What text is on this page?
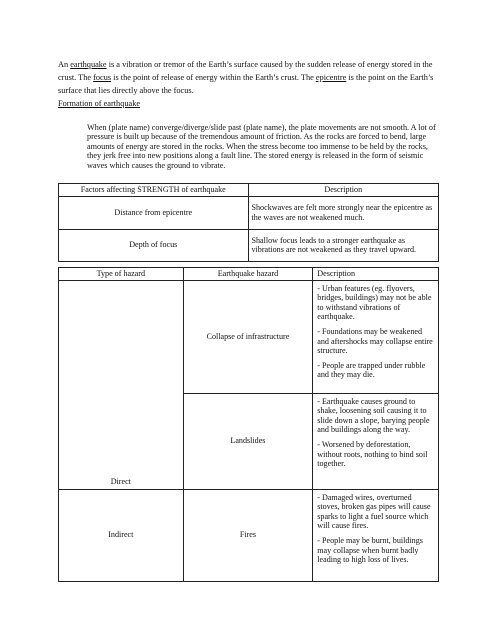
An earthquake is a vibration or tremor of the Earth’s surface caused by the sudden release of energy stored in the crust. The focus is the point of release of energy within the Earth’s crust. The epicentre is the point on the Earth’s surface that lies directly above the focus.

Formation of earthquake

When (plate name) converge/diverge/slide past (plate name), the plate movements are not smooth. A lot of pressure is built up because of the tremendous amount of friction. As the rocks are forced to bend, large amounts of energy are stored in the rocks. When the stress become too immense to be held by the rocks, they jerk free into new positions along a fault line. The stored energy is released in the form of seismic waves which causes the ground to vibrate.

Factors affecting STRENGTH of earthquake	Description
Distance from epicentre	Shockwaves are felt more strongly near the epicentre as the waves are not weakened much.
Depth of focus	Shallow focus leads to a stronger earthquake as vibrations are not weakened as they travel upward.
Type of hazard	Earthquake hazard	Description
Direct	Collapse of infrastructure	- Urban features (eg. flyovers, bridges, buildings) may not be able to withstand vibrations of earthquake.

- Foundations may be weakened and aftershocks may collapse entire structure.

- People are trapped under rubble and they may die.

	Landslides	- Earthquake causes ground to shake, loosening soil causing it to slide down a slope, barying people and buildings along the way.

- Worsened by deforestation, without roots, nothing to bind soil together.

Indirect	Fires	- Damaged wires, overturned stoves, broken gas pipes will cause sparks to light a fuel source which will cause fires.

- People may be burnt, buildings may collapse when burnt badly leading to high loss of lives.
